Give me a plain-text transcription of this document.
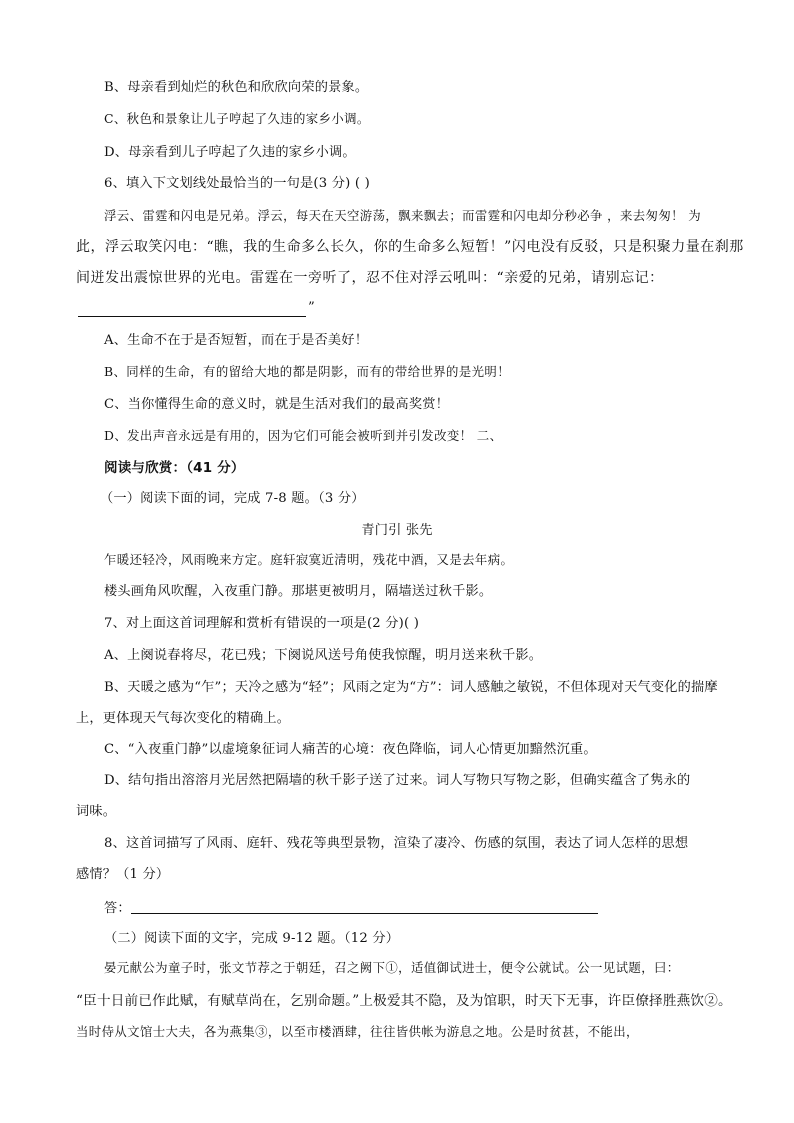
B、母亲看到灿烂的秋色和欣欣向荣的景象。
C、秋色和景象让儿子哼起了久违的家乡小调。
D、母亲看到儿子哼起了久违的家乡小调。
6、填入下文划线处最恰当的一句是(3 分) ( )
浮云、雷霆和闪电是兄弟。浮云，每天在天空游荡，飘来飘去；而雷霆和闪电却分秒必争 ，来去匆匆！ 为
此，浮云取笑闪电：“瞧，我的生命多么长久，你的生命多么短暂！”闪电没有反驳，只是积聚力量在刹那
间迸发出震惊世界的光电。雷霆在一旁听了，忍不住对浮云吼叫：“亲爱的兄弟，请别忘记：
”
A、生命不在于是否短暂，而在于是否美好！
B、同样的生命，有的留给大地的都是阴影，而有的带给世界的是光明！
C、当你懂得生命的意义时，就是生活对我们的最高奖赏！
D、发出声音永远是有用的，因为它们可能会被听到并引发改变！ 二、
阅读与欣赏：（41 分）
（一）阅读下面的词，完成 7-8 题。（3 分）
青门引 张先
乍暖还轻冷，风雨晚来方定。庭轩寂寞近清明，残花中酒，又是去年病。
楼头画角风吹醒，入夜重门静。那堪更被明月，隔墙送过秋千影。
7、对上面这首词理解和赏析有错误的一项是(2 分)( )
A、上阕说春将尽，花已残；下阕说风送号角使我惊醒，明月送来秋千影。
B、天暖之感为“乍”；天冷之感为“轻”；风雨之定为“方”：词人感触之敏锐，不但体现对天气变化的揣摩
上，更体现天气每次变化的精确上。
C、“入夜重门静”以虚境象征词人痛苦的心境：夜色降临，词人心情更加黯然沉重。
D、结句指出溶溶月光居然把隔墙的秋千影子送了过来。词人写物只写物之影，但确实蕴含了隽永的
词味。
8、这首词描写了风雨、庭轩、残花等典型景物，渲染了凄冷、伤感的氛围，表达了词人怎样的思想
感情？（1 分）
答：
（二）阅读下面的文字，完成 9-12 题。（12 分）
晏元献公为童子时，张文节荐之于朝廷，召之阙下①，适值御试进士，便令公就试。公一见试题，曰：
“臣十日前已作此赋，有赋草尚在，乞别命题。”上极爱其不隐，及为馆职，时天下无事，许臣僚择胜燕饮②。
当时侍从文馆士大夫，各为燕集③，以至市楼酒肆，往往皆供帐为游息之地。公是时贫甚，不能出，
